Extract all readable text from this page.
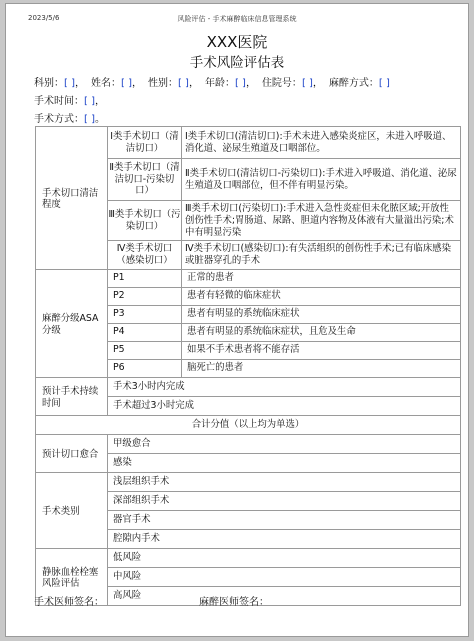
2023/5/6	风险评估 - 手术麻醉临床信息管理系统
XXX医院
手术风险评估表
科别：[ ]， 姓名：[ ]， 性别：[ ]， 年龄：[ ]， 住院号：[ ]， 麻醉方式：[ ]
手术时间：[ ]，
手术方式：[ ]。
手术切口清洁程度	Ⅰ类手术切口（清洁切口）	Ⅰ类手术切口(清洁切口):手术未进入感染炎症区，未进入呼吸道、消化道、泌尿生殖道及口咽部位。
	Ⅱ类手术切口（清洁切口-污染切口）	Ⅱ类手术切口(清洁切口-污染切口):手术进入呼吸道、消化道、泌尿生殖道及口咽部位，但不伴有明显污染。
	Ⅲ类手术切口（污染切口）	Ⅲ类手术切口(污染切口):手术进入急性炎症但未化脓区域;开放性创伤性手术;胃肠道、尿路、胆道内容物及体液有大量溢出污染;术中有明显污染
	Ⅳ类手术切口（感染切口）	Ⅳ类手术切口(感染切口):有失活组织的创伤性手术;已有临床感染或脏器穿孔的手术
麻醉分级ASA分级	P1	正常的患者
	P2	患者有轻微的临床症状
	P3	患者有明显的系统临床症状
	P4	患者有明显的系统临床症状，且危及生命
	P5	如果不手术患者将不能存活
	P6	脑死亡的患者
预计手术持续时间	手术3小时内完成	
	手术超过3小时完成	
合计分值（以上均为单选）		
预计切口愈合	甲级愈合	
	感染	
手术类别	浅层组织手术	
	深部组织手术	
	器官手术	
	腔隙内手术	
静脉血栓栓塞风险评估	低风险	
	中风险	
	高风险	
手术医师签名：	麻醉医师签名：
